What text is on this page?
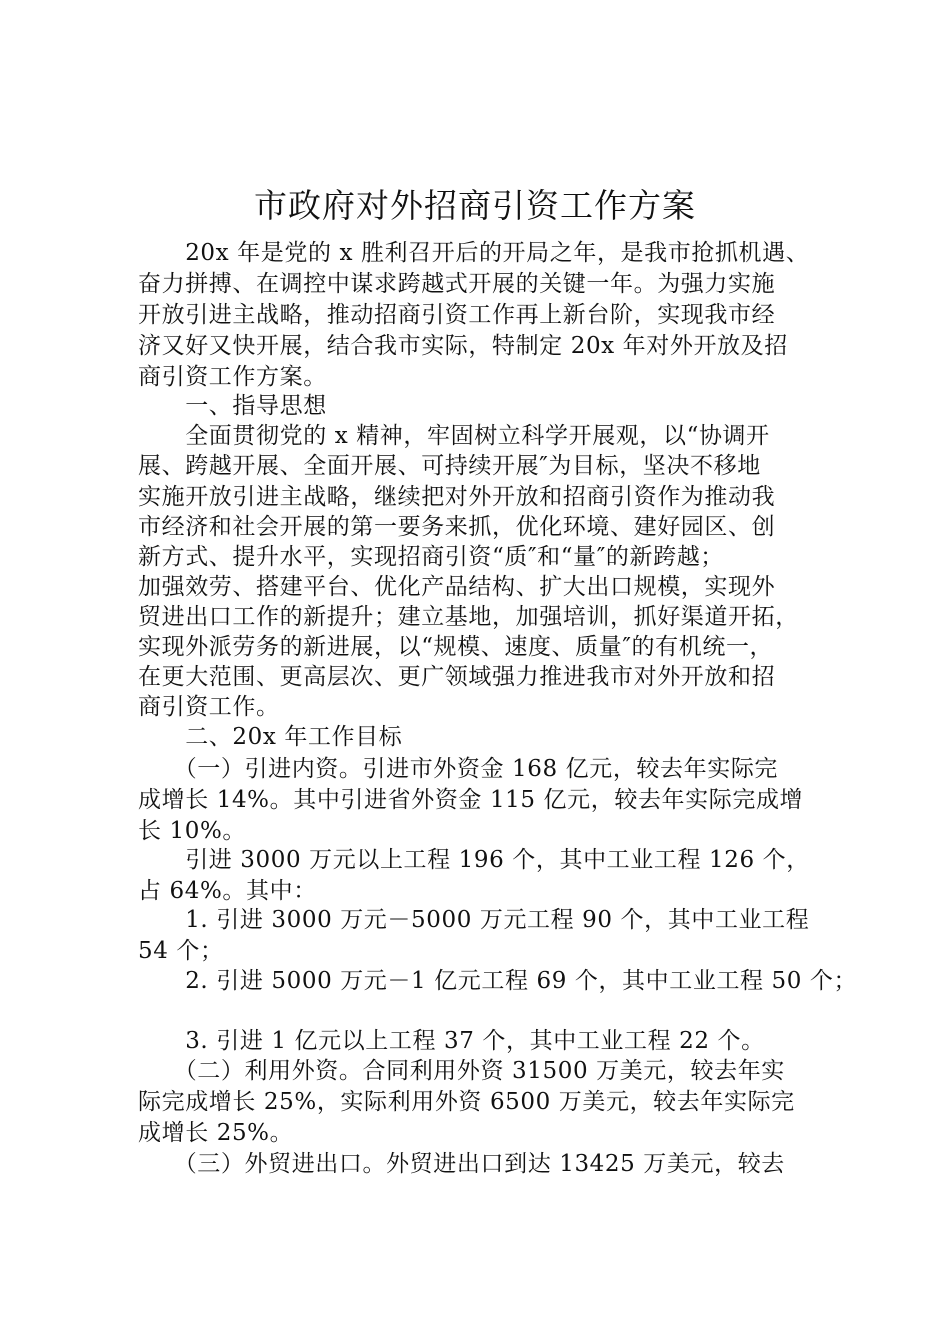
市政府对外招商引资工作方案

　　20x 年是党的 x 胜利召开后的开局之年，是我市抢抓机遇、

奋力拼搏、在调控中谋求跨越式开展的关键一年。为强力实施

开放引进主战略，推动招商引资工作再上新台阶，实现我市经

济又好又快开展，结合我市实际，特制定 20x 年对外开放及招

商引资工作方案。

　　一、指导思想

　　全面贯彻党的 x 精神，牢固树立科学开展观，以“协调开

展、跨越开展、全面开展、可持续开展″为目标，坚决不移地

实施开放引进主战略，继续把对外开放和招商引资作为推动我

市经济和社会开展的第一要务来抓，优化环境、建好园区、创

新方式、提升水平，实现招商引资“质″和“量″的新跨越；

加强效劳、搭建平台、优化产品结构、扩大出口规模，实现外

贸进出口工作的新提升；建立基地，加强培训，抓好渠道开拓，

实现外派劳务的新进展，以“规模、速度、质量″的有机统一，

在更大范围、更高层次、更广领域强力推进我市对外开放和招

商引资工作。

　　二、20x 年工作目标

　　（一）引进内资。引进市外资金 168 亿元，较去年实际完

成增长 14%。其中引进省外资金 115 亿元，较去年实际完成增

长 10%。

　　引进 3000 万元以上工程 196 个，其中工业工程 126 个，

占 64%。其中：

　　1. 引进 3000 万元－5000 万元工程 90 个，其中工业工程

54 个；

　　2. 引进 5000 万元－1 亿元工程 69 个，其中工业工程 50 个；

　　3. 引进 1 亿元以上工程 37 个，其中工业工程 22 个。

　　（二）利用外资。合同利用外资 31500 万美元，较去年实

际完成增长 25%，实际利用外资 6500 万美元，较去年实际完

成增长 25%。

　　（三）外贸进出口。外贸进出口到达 13425 万美元，较去
